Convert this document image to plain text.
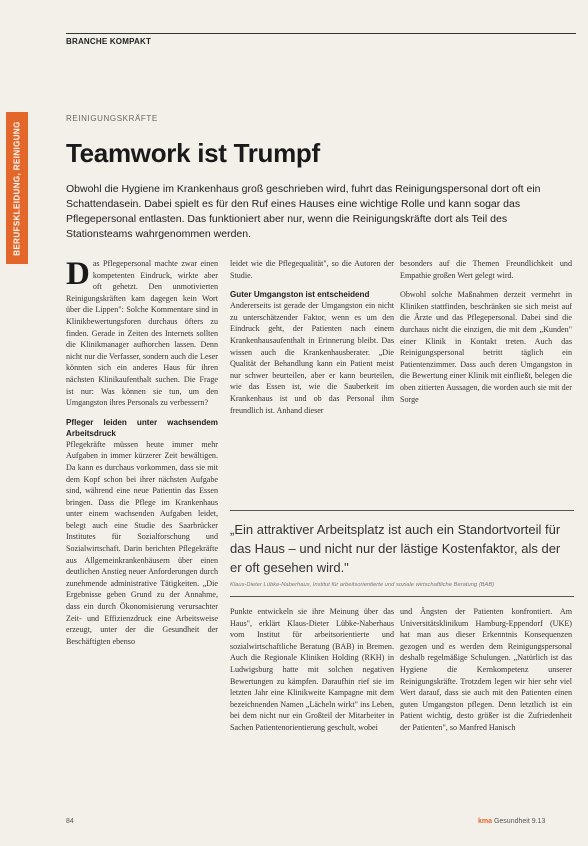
BRANCHE KOMPAKT
BERUFSKLEIDUNG, REINIGUNG
REINIGUNGSKRÄFTE
Teamwork ist Trumpf
Obwohl die Hygiene im Krankenhaus groß geschrieben wird, fuhrt das Reinigungspersonal dort oft ein Schattendasein. Dabei spielt es für den Ruf eines Hauses eine wichtige Rolle und kann sogar das Pflegepersonal entlasten. Das funktioniert aber nur, wenn die Reinigungskräfte dort als Teil des Stationsteams wahrgenommen werden.

Das Pflegepersonal machte zwar einen kompetenten Eindruck, wirkte aber oft gehetzt. Den unmotivierten Reinigungskräften kam dagegen kein Wort über die Lippen": Solche Kommentare sind in Klinikbewertungsforen durchaus öfters zu finden. Gerade in Zeiten des Internets sollten die Klinikmanager aufhorchen lassen. Denn nicht nur die Verfasser, sondern auch die Leser könnten sich ein anderes Haus für ihren nächsten Klinikaufenthalt suchen. Die Frage ist nur: Was können sie tun, um den Umgangston ihres Personals zu verbessern?

Pfleger leiden unter wachsendem Arbeitsdruck

Pflegekräfte müssen heute immer mehr Aufgaben in immer kürzerer Zeit bewältigen. Da kann es durchaus vorkommen, dass sie mit dem Kopf schon bei ihrer nächsten Aufgabe sind, während eine neue Patientin das Essen bringen. Dass die Pflege im Krankenhaus unter einem wachsenden Aufgaben leidet, belegt auch eine Studie des Saarbrücker Institutes für Sozialforschung und Sozialwirtschaft. Darin berichten Pflegekräfte aus Allgemeinkrankenhäusern über einen deutlichen Anstieg neuer Anforderungen durch zunehmende administrative Tätigkeiten. „Die Ergebnisse geben Grund zu der Annahme, dass ein durch Ökonomisierung verursachter Zeit- und Effizienzdruck eine Arbeitsweise erzeugt, unter der die Gesundheit der Beschäftigten ebenso

leidet wie die Pflegequalität", so die Autoren der Studie.

Guter Umgangston ist entscheidend

Andererseits ist gerade der Umgangston ein nicht zu unterschätzender Faktor, wenn es um den Eindruck geht, der Patienten nach einem Krankenhausaufenthalt in Erinnerung bleibt. Das wissen auch die Krankenhausberater. „Die Qualität der Behandlung kann ein Patient meist nur schwer beurteilen, aber er kann beurteilen, wie das Essen ist, wie die Sauberkeit im Krankenhaus ist und ob das Personal ihm freundlich ist. Anhand dieser

besonders auf die Themen Freundlichkeit und Empathie großen Wert gelegt wird.

Obwohl solche Maßnahmen derzeit vermehrt in Kliniken stattfinden, beschränken sie sich meist auf die Ärzte und das Pflegepersonal. Dabei sind die durchaus nicht die einzigen, die mit dem „Kunden" einer Klinik in Kontakt treten. Auch das Reinigungspersonal betritt täglich ein Patientenzimmer. Dass auch deren Umgangston in die Bewertung einer Klinik mit einfließt, belegen die oben zitierten Aussagen, die worden auch sie mit der Sorge

„Ein attraktiver Arbeitsplatz ist auch ein Standortvorteil für das Haus – und nicht nur der lästige Kostenfaktor, als der er oft gesehen wird."
Klaus-Dieter Lübke-Naberhaus, Institut für arbeitsorientierte und soziale wirtschaftliche Beratung (BAB)

Punkte entwickeln sie ihre Meinung über das Haus", erklärt Klaus-Dieter Lübke-Naberhaus vom Institut für arbeitsorientierte und sozialwirtschaftliche Beratung (BAB) in Bremen. Auch die Regionale Kliniken Holding (RKH) in Ludwigsburg hatte mit solchen negativen Bewertungen zu kämpfen. Daraufhin rief sie im letzten Jahr eine Klinikweite Kampagne mit dem bezeichnenden Namen „Lächeln wirkt" ins Leben, bei dem nicht nur ein Großteil der Mitarbeiter in Sachen Patientenorientierung geschult, wobei

und Ängsten der Patienten konfrontiert. Am Universitätsklinikum Hamburg-Eppendorf (UKE) hat man aus dieser Erkenntnis Konsequenzen gezogen und es werden dem Reinigungspersonal deshalb regelmäßige Schulungen. „Natürlich ist das Hygiene die Kernkompetenz unserer Reinigungskräfte. Trotzdem legen wir hier sehr viel Wert darauf, dass sie auch mit den Patienten einen guten Umgangston pflegen. Denn letztlich ist ein Patient wichtig, desto größer ist die Zufriedenheit der Patienten", so Manfred Hanisch

84	kma Gesundheit 9.13
